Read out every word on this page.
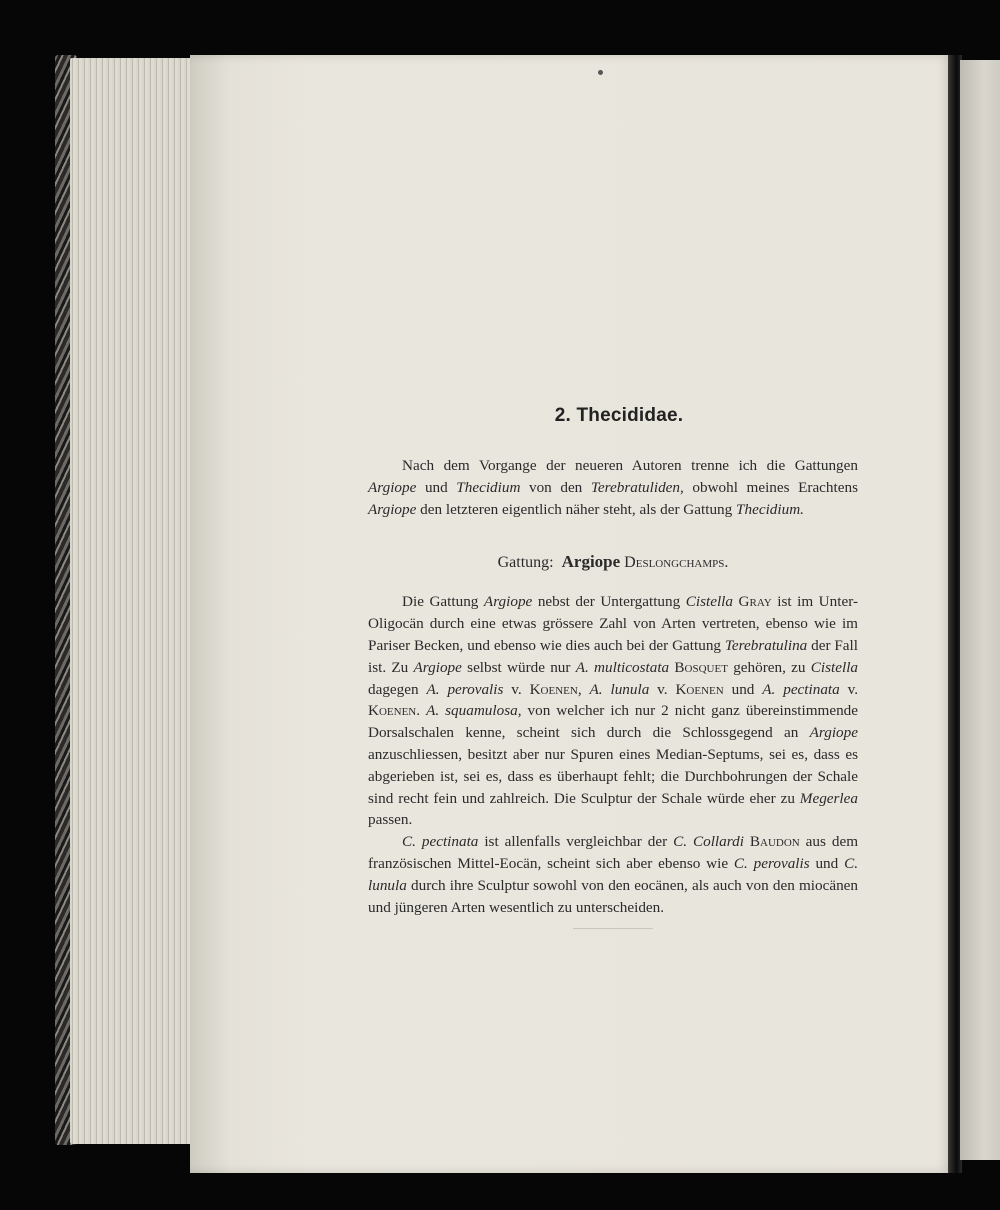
2. Thecididae.

Nach dem Vorgange der neueren Autoren trenne ich die Gattungen Argiope und Thecidium von den Terebratuliden, obwohl meines Erachtens Argiope den letzteren eigentlich näher steht, als der Gattung Thecidium.

Gattung: Argiope Deslongchamps.

Die Gattung Argiope nebst der Untergattung Cistella Gray ist im Unter-Oligocän durch eine etwas grössere Zahl von Arten vertreten, ebenso wie im Pariser Becken, und ebenso wie dies auch bei der Gattung Terebratulina der Fall ist. Zu Argiope selbst würde nur A. multicostata Bosquet gehören, zu Cistella dagegen A. perovalis v. Koenen, A. lunula v. Koenen und A. pectinata v. Koenen. A. squamulosa, von welcher ich nur 2 nicht ganz übereinstimmende Dorsalschalen kenne, scheint sich durch die Schlossgegend an Argiope anzuschliessen, besitzt aber nur Spuren eines Median-Septums, sei es, dass es abgerieben ist, sei es, dass es überhaupt fehlt; die Durchbohrungen der Schale sind recht fein und zahlreich. Die Sculptur der Schale würde eher zu Megerlea passen.

C. pectinata ist allenfalls vergleichbar der C. Collardi Baudon aus dem französischen Mittel-Eocän, scheint sich aber ebenso wie C. perovalis und C. lunula durch ihre Sculptur sowohl von den eocänen, als auch von den miocänen und jüngeren Arten wesentlich zu unterscheiden.
